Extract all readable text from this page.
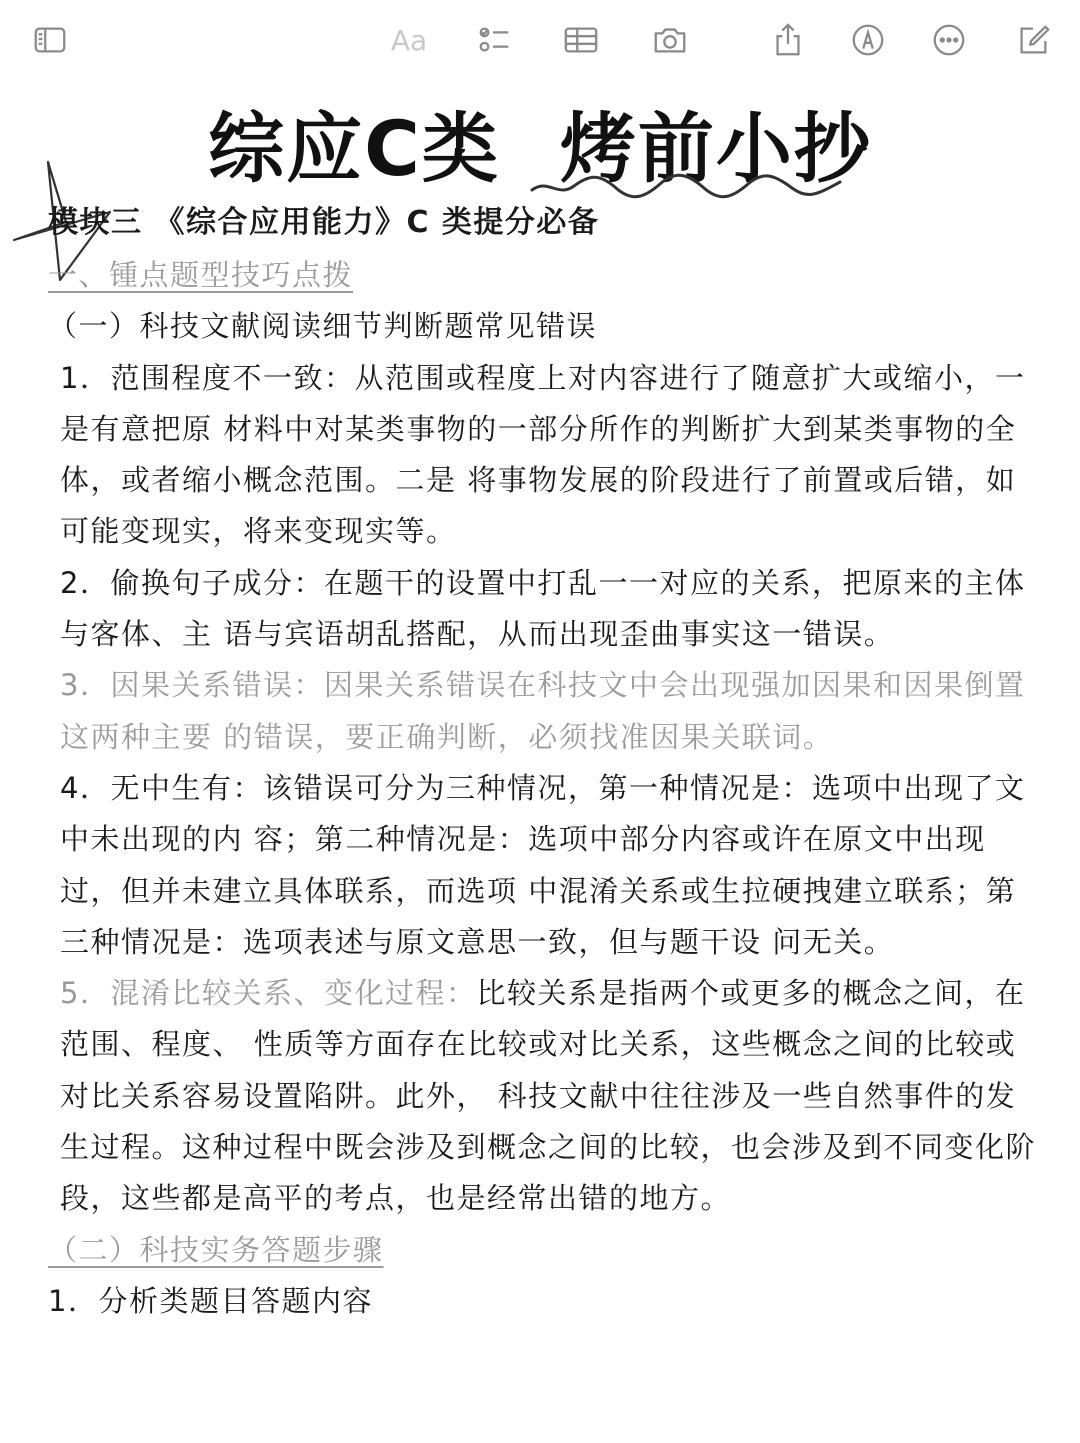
Aa
综应C类 烤前小抄

模块三 《综合应用能力》C 类提分必备

一、锺点题型技巧点拨

（一）科技文献阅读细节判断题常见错误

1．范围程度不一致：从范围或程度上对内容进行了随意扩大或缩小，一是有意把原 材料中对某类事物的一部分所作的判断扩大到某类事物的全体，或者缩小概念范围。二是 将事物发展的阶段进行了前置或后错，如可能变现实，将来变现实等。

2．偷换句子成分：在题干的设置中打乱一一对应的关系，把原来的主体与客体、主 语与宾语胡乱搭配，从而出现歪曲事实这一错误。

3．因果关系错误：因果关系错误在科技文中会出现强加因果和因果倒置这两种主要 的错误，要正确判断，必须找准因果关联词。

4．无中生有：该错误可分为三种情况，第一种情况是：选项中出现了文中未出现的内 容；第二种情况是：选项中部分内容或许在原文中出现过，但并未建立具体联系，而选项 中混淆关系或生拉硬拽建立联系；第三种情况是：选项表述与原文意思一致，但与题干设 问无关。

5．混淆比较关系、变化过程：比较关系是指两个或更多的概念之间，在范围、程度、 性质等方面存在比较或对比关系，这些概念之间的比较或对比关系容易设置陷阱。此外， 科技文献中往往涉及一些自然事件的发生过程。这种过程中既会涉及到概念之间的比较，也会涉及到不同变化阶段，这些都是高平的考点，也是经常出错的地方。

（二）科技实务答题步骤

1．分析类题目答题内容
